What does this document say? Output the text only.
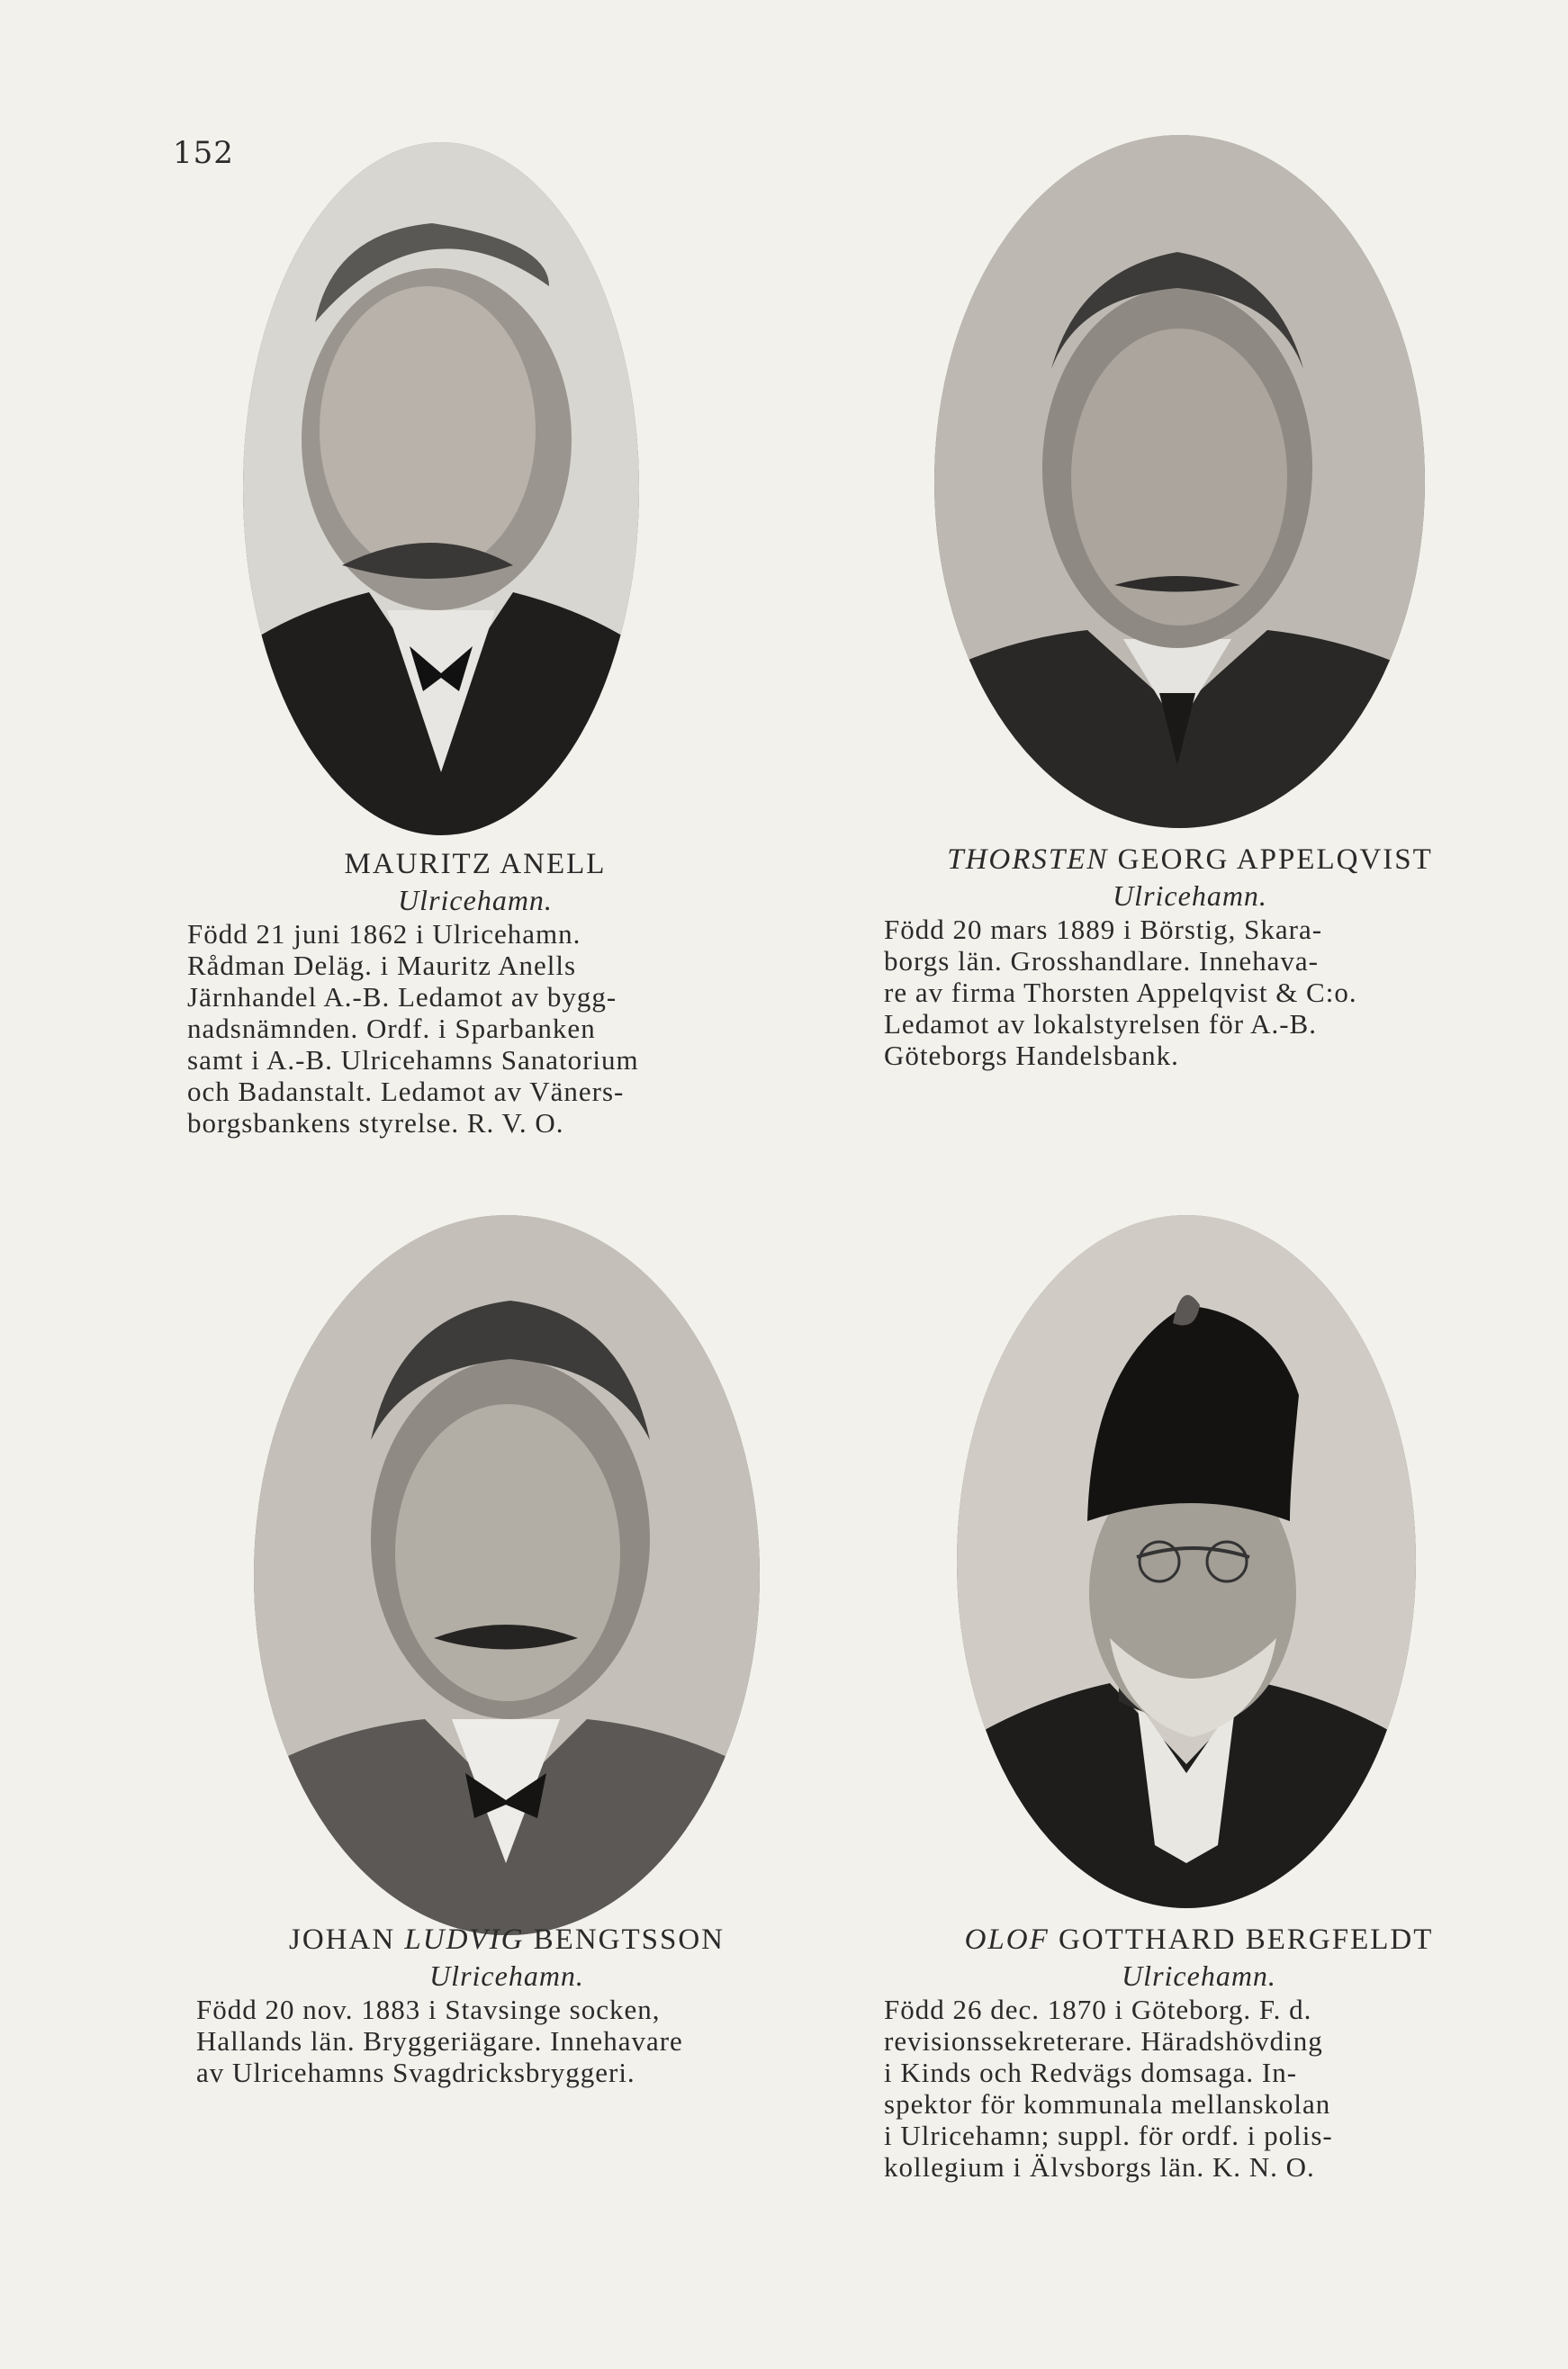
152

MAURITZ ANELL

Ulricehamn.

Född 21 juni 1862 i Ulricehamn.
Rådman Deläg. i Mauritz Anells
Järnhandel A.-B. Ledamot av bygg-
nadsnämnden. Ordf. i Sparbanken
samt i A.-B. Ulricehamns Sanatorium
och Badanstalt. Ledamot av Väners-
borgsbankens styrelse. R. V. O.

THORSTEN GEORG APPELQVIST

Ulricehamn.

Född 20 mars 1889 i Börstig, Skara-
borgs län. Grosshandlare. Innehava-
re av firma Thorsten Appelqvist & C:o.
Ledamot av lokalstyrelsen för A.-B.
Göteborgs Handelsbank.

JOHAN LUDVIG BENGTSSON

Ulricehamn.

Född 20 nov. 1883 i Stavsinge socken,
Hallands län. Bryggeriägare. Innehavare
av Ulricehamns Svagdricksbryggeri.

OLOF GOTTHARD BERGFELDT

Ulricehamn.

Född 26 dec. 1870 i Göteborg. F. d.
revisionssekreterare. Häradshövding
i Kinds och Redvägs domsaga. In-
spektor för kommunala mellanskolan
i Ulricehamn; suppl. för ordf. i polis-
kollegium i Älvsborgs län. K. N. O.
